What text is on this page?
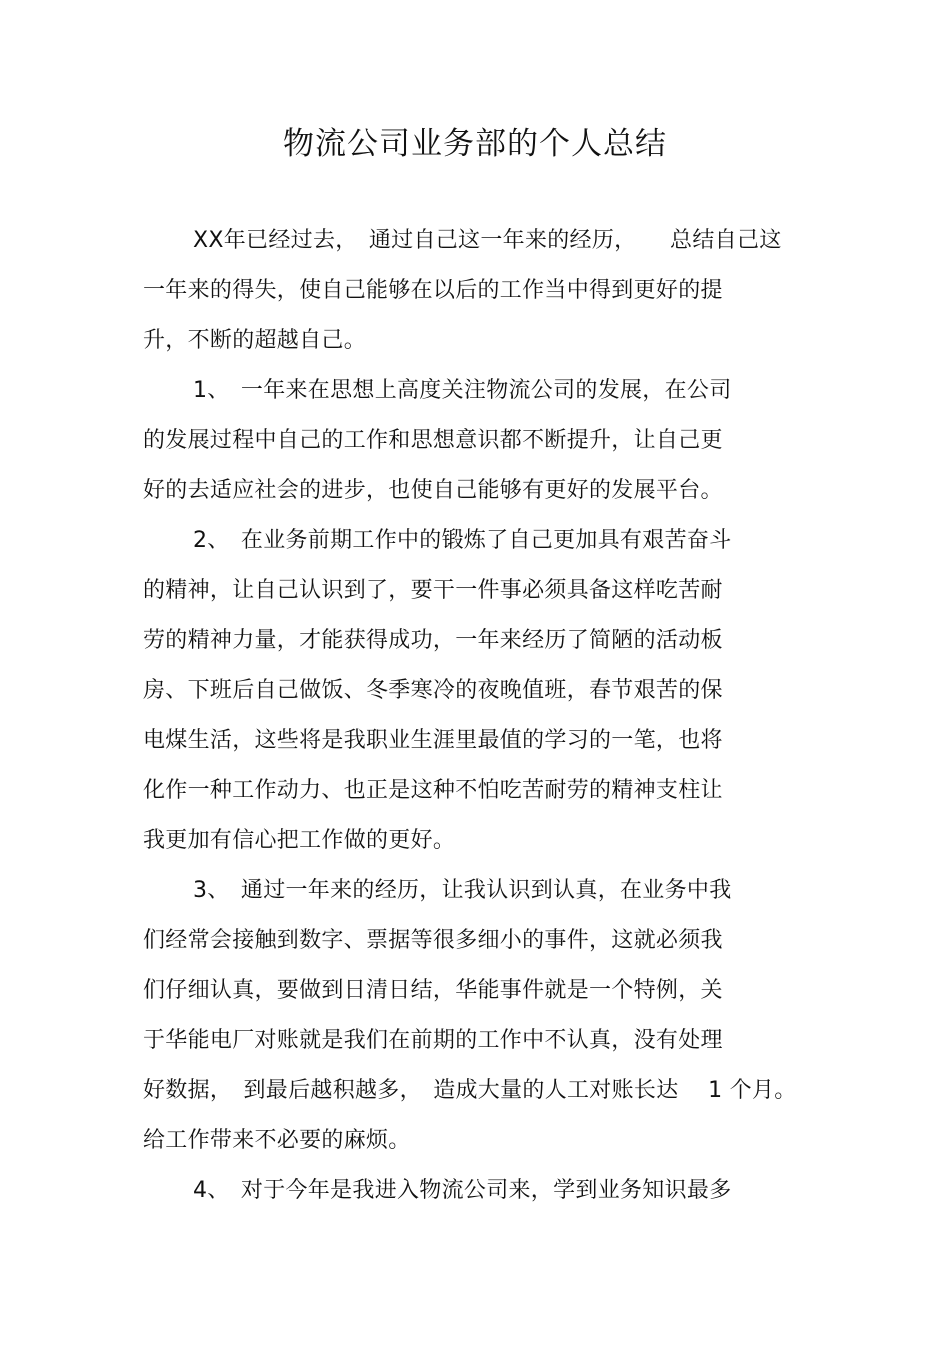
物流公司业务部的个人总结
XX年已经过去，　通过自己这一年来的经历，　　总结自己这
一年来的得失，使自己能够在以后的工作当中得到更好的提
升，不断的超越自己。
1、　一年来在思想上高度关注物流公司的发展，在公司
的发展过程中自己的工作和思想意识都不断提升，让自己更
好的去适应社会的进步，也使自己能够有更好的发展平台。
2、　在业务前期工作中的锻炼了自己更加具有艰苦奋斗
的精神，让自己认识到了，要干一件事必须具备这样吃苦耐
劳的精神力量，才能获得成功，一年来经历了简陋的活动板
房、下班后自己做饭、冬季寒冷的夜晚值班，春节艰苦的保
电煤生活，这些将是我职业生涯里最值的学习的一笔，也将
化作一种工作动力、也正是这种不怕吃苦耐劳的精神支柱让
我更加有信心把工作做的更好。
3、　通过一年来的经历，让我认识到认真，在业务中我
们经常会接触到数字、票据等很多细小的事件，这就必须我
们仔细认真，要做到日清日结，华能事件就是一个特例，关
于华能电厂对账就是我们在前期的工作中不认真，没有处理
好数据，　到最后越积越多，　造成大量的人工对账长达　 1 个月。
给工作带来不必要的麻烦。
4、　对于今年是我进入物流公司来，学到业务知识最多
